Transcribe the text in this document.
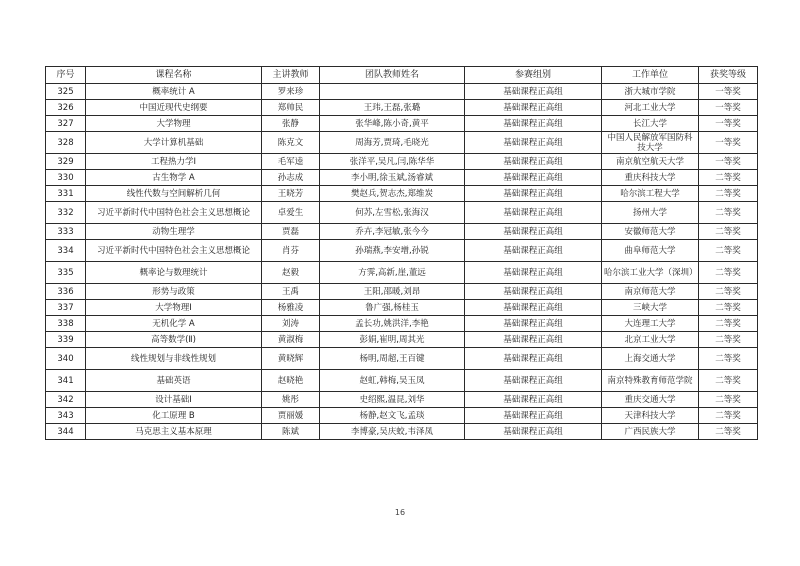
序号	课程名称	主讲教师	团队教师姓名	参赛组别	工作单位	获奖等级
325	概率统计 A	罗来珍		基础课程正高组	浙大城市学院	一等奖
326	中国近现代史纲要	郑帅民	王玮,王磊,张璐	基础课程正高组	河北工业大学	一等奖
327	大学物理	张静	张华峰,陈小奇,黄平	基础课程正高组	长江大学	一等奖
328	大学计算机基础	陈克文	周海芳,贾琦,毛晓光	基础课程正高组	中国人民解放军国防科技大学	一等奖
329	工程热力学Ⅰ	毛军逵	张洋平,吴凡,闫,陈华华	基础课程正高组	南京航空航天大学	一等奖
330	古生物学 A	孙志成	李小明,徐玉斌,汤睿斌	基础课程正高组	重庆科技大学	二等奖
331	线性代数与空间解析几何	王晓芳	樊赵兵,贺志杰,郑维炭	基础课程正高组	哈尔滨工程大学	二等奖
332	习近平新时代中国特色社会主义思想概论	卓爱生	何苏,左雪松,张海汉	基础课程正高组	扬州大学	二等奖
333	动物生理学	贾磊	乔卉,李冠敏,张今今	基础课程正高组	安徽师范大学	二等奖
334	习近平新时代中国特色社会主义思想概论	肖芬	孙瑞燕,李安增,孙锐	基础课程正高组	曲阜师范大学	二等奖
335	概率论与数理统计	赵毅	方霁,高新,崖,董远	基础课程正高组	哈尔滨工业大学（深圳）	二等奖
336	形势与政策	王禹	王阳,邵暖,刘昂	基础课程正高组	南京师范大学	二等奖
337	大学物理Ⅰ	杨雅凌	鲁广强,杨桂玉	基础课程正高组	三峡大学	二等奖
338	无机化学 A	刘涛	孟长功,姚洪洋,李艳	基础课程正高组	大连理工大学	二等奖
339	高等数学(Ⅱ)	黄淑梅	彭娟,崔明,周其光	基础课程正高组	北京工业大学	二等奖
340	线性规划与非线性规划	黄晓辉	杨明,周超,王百键	基础课程正高组	上海交通大学	二等奖
341	基础英语	赵晓艳	赵虹,韩梅,吴玉凤	基础课程正高组	南京特殊教育师范学院	二等奖
342	设计基础Ⅰ	姚彤	史绍熙,温昆,刘华	基础课程正高组	重庆交通大学	二等奖
343	化工原理 B	贾丽媛	杨静,赵文飞,孟琰	基础课程正高组	天津科技大学	二等奖
344	马克思主义基本原理	陈斌	李博豪,吴庆蛟,韦泽凤	基础课程正高组	广西民族大学	二等奖
16
